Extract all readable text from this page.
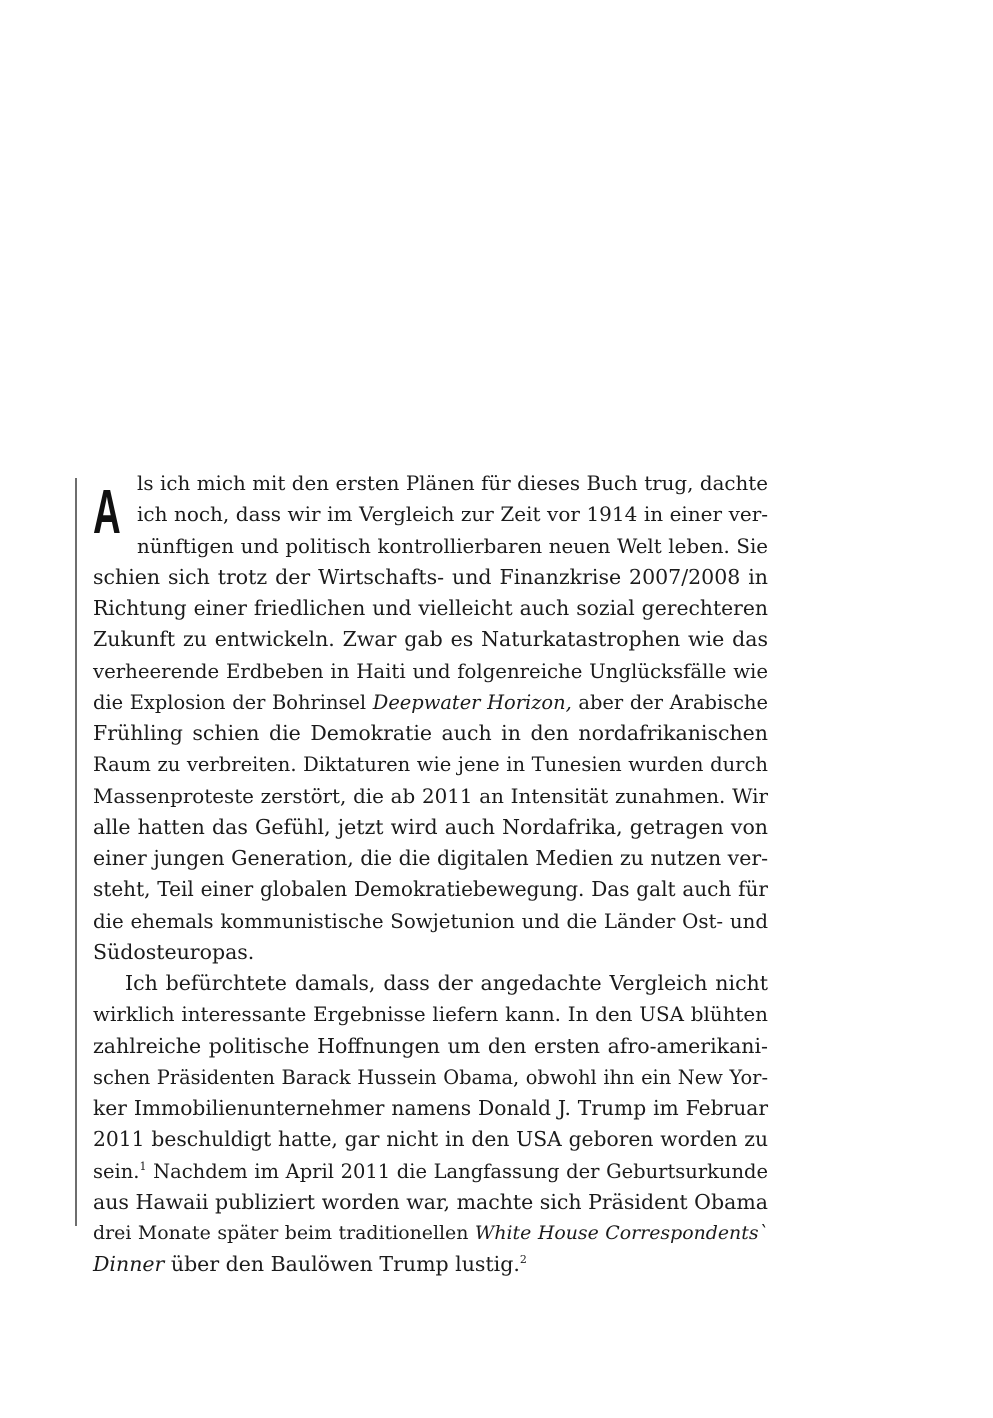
A ls ich mich mit den ersten Plänen für dieses Buch trug, dachte
ich noch, dass wir im Vergleich zur Zeit vor 1914 in einer ver-
nünftigen und politisch kontrollierbaren neuen Welt leben. Sie
schien sich trotz der Wirtschafts- und Finanzkrise 2007/2008 in
Richtung einer friedlichen und vielleicht auch sozial gerechteren
Zukunft zu entwickeln. Zwar gab es Naturkatastrophen wie das
verheerende Erdbeben in Haiti und folgenreiche Unglücksfälle wie
die Explosion der Bohrinsel Deepwater Horizon, aber der Arabische
Frühling schien die Demokratie auch in den nordafrikanischen
Raum zu verbreiten. Diktaturen wie jene in Tunesien wurden durch
Massenproteste zerstört, die ab 2011 an Intensität zunahmen. Wir
alle hatten das Gefühl, jetzt wird auch Nordafrika, getragen von
einer jungen Generation, die die digitalen Medien zu nutzen ver-
steht, Teil einer globalen Demokratiebewegung. Das galt auch für
die ehemals kommunistische Sowjetunion und die Länder Ost- und
Südosteuropas.
Ich befürchtete damals, dass der angedachte Vergleich nicht
wirklich interessante Ergebnisse liefern kann. In den USA blühten
zahlreiche politische Hoffnungen um den ersten afro-amerikani-
schen Präsidenten Barack Hussein Obama, obwohl ihn ein New Yor-
ker Immobilienunternehmer namens Donald J. Trump im Februar
2011 beschuldigt hatte, gar nicht in den USA geboren worden zu
sein.$^1$ Nachdem im April 2011 die Langfassung der Geburtsurkunde
aus Hawaii publiziert worden war, machte sich Präsident Obama
drei Monate später beim traditionellen White House Correspondents`
Dinner über den Baulöwen Trump lustig.$^2$
